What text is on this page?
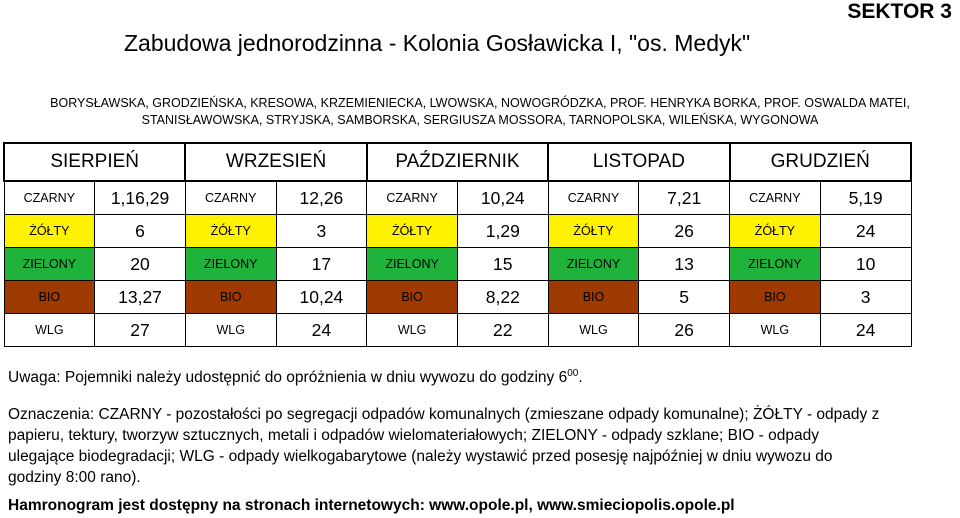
SEKTOR 3
Zabudowa jednorodzinna - Kolonia Gosławicka I, "os. Medyk"
BORYSŁAWSKA, GRODZIEŃSKA, KRESOWA, KRZEMIENIECKA, LWOWSKA, NOWOGRÓDZKA, PROF. HENRYKA BORKA, PROF. OSWALDA MATEI, STANISŁAWOWSKA, STRYJSKA, SAMBORSKA, SERGIUSZA MOSSORA, TARNOPOLSKA, WILEŃSKA, WYGONOWA
SIERPIEŃ		WRZESIEŃ		PAŹDZIERNIK		LISTOPAD		GRUDZIEŃ	
CZARNY	1,16,29	CZARNY	12,26	CZARNY	10,24	CZARNY	7,21	CZARNY	5,19
ŻÓŁTY	6	ŻÓŁTY	3	ŻÓŁTY	1,29	ŻÓŁTY	26	ŻÓŁTY	24
ZIELONY	20	ZIELONY	17	ZIELONY	15	ZIELONY	13	ZIELONY	10
BIO	13,27	BIO	10,24	BIO	8,22	BIO	5	BIO	3
WLG	27	WLG	24	WLG	22	WLG	26	WLG	24
Uwaga: Pojemniki należy udostępnić do opróżnienia w dniu wywozu do godziny $6^{00}$.
Oznaczenia: CZARNY - pozostałości po segregacji odpadów komunalnych (zmieszane odpady komunalne); ŻÓŁTY - odpady z papieru, tektury, tworzyw sztucznych, metali i odpadów wielomateriałowych; ZIELONY - odpady szklane; BIO - odpady ulegające biodegradacji; WLG - odpady wielkogabarytowe (należy wystawić przed posesję najpóźniej w dniu wywozu do godziny 8:00 rano).
Hamronogram jest dostępny na stronach internetowych: www.opole.pl, www.smieciopolis.opole.pl
